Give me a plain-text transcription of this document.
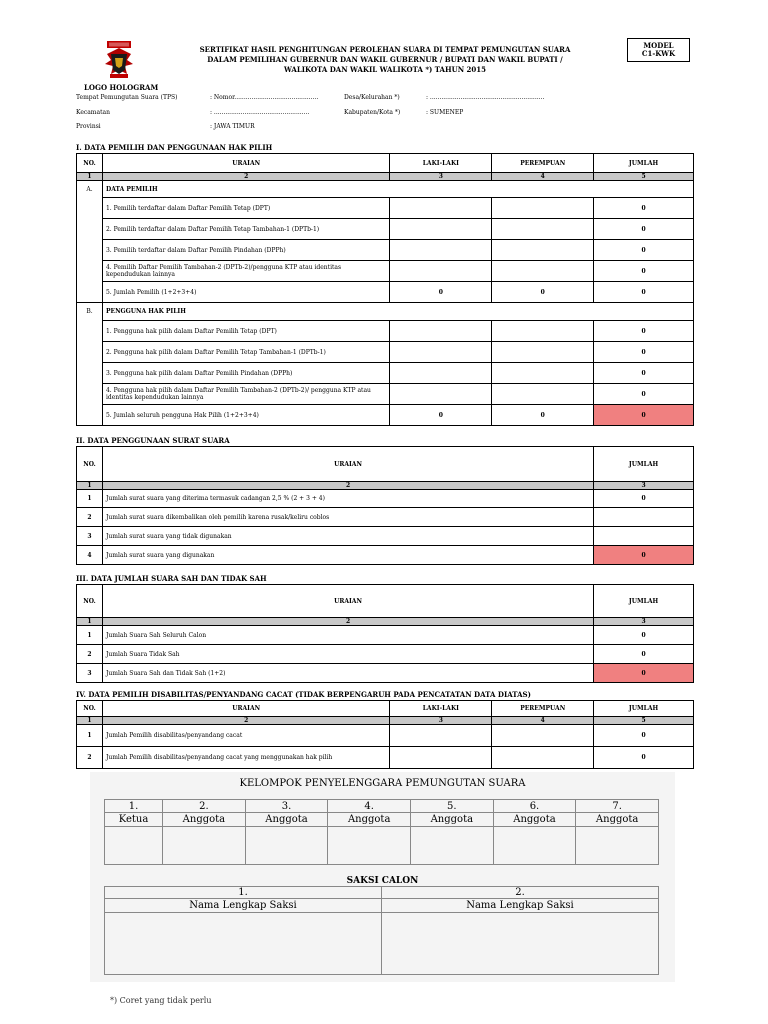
LOGO HOLOGRAM
SERTIFIKAT HASIL PENGHITUNGAN PEROLEHAN SUARA DI TEMPAT PEMUNGUTAN SUARA
DALAM PEMILIHAN GUBERNUR DAN WAKIL GUBERNUR / BUPATI DAN WAKIL BUPATI /
WALIKOTA DAN WAKIL WALIKOTA *) TAHUN 2015
MODEL
C1-KWK
Tempat Pemungutan Suara (TPS)	: Nomor............................................	Desa/Kelurahan *)	: ............................................................
Kecamatan	: ..................................................	Kabupaten/Kota *)	: SUMENEP
Provinsi	: JAWA TIMUR
I. DATA PEMILIH DAN PENGGUNAAN HAK PILIH
NO.	URAIAN	LAKI-LAKI	PEREMPUAN	JUMLAH
1	2	3	4	5
A.	DATA PEMILIH			
	1. Pemilih terdaftar dalam Daftar Pemilih Tetap (DPT)			0
	2. Pemilih terdaftar dalam Daftar Pemilih Tetap Tambahan-1 (DPTb-1)			0
	3. Pemilih terdaftar dalam Daftar Pemilih Pindahan (DPPh)			0
	4. Pemilih Daftar Pemilih Tambahan-2 (DPTb-2)/pengguna KTP atau identitas kependudukan lainnya			0
	5. Jumlah Pemilih (1+2+3+4)	0	0	0
B.	PENGGUNA HAK PILIH			
	1. Pengguna hak pilih dalam Daftar Pemilih Tetap (DPT)			0
	2. Pengguna hak pilih dalam Daftar Pemilih Tetap Tambahan-1 (DPTb-1)			0
	3. Pengguna hak pilih dalam Daftar Pemilih Pindahan (DPPh)			0
	4. Pengguna hak pilih dalam Daftar Pemilih Tambahan-2 (DPTb-2)/ pengguna KTP atau identitas kependudukan lainnya			0
	5. Jumlah seluruh pengguna Hak Pilih (1+2+3+4)	0	0	0
II. DATA PENGGUNAAN SURAT SUARA
NO.	URAIAN	JUMLAH
1	2	3
1	Jumlah surat suara yang diterima termasuk cadangan 2,5 % (2 + 3 + 4)	0
2	Jumlah surat suara dikembalikan oleh pemilih karena rusak/keliru coblos	
3	Jumlah surat suara yang tidak digunakan	
4	Jumlah surat suara yang digunakan	0
III. DATA JUMLAH SUARA SAH DAN TIDAK SAH
NO.	URAIAN	JUMLAH
1	2	3
1	Jumlah Suara Sah Seluruh Calon	0
2	Jumlah Suara Tidak Sah	0
3	Jumlah Suara Sah dan Tidak Sah (1+2)	0
IV. DATA PEMILIH DISABILITAS/PENYANDANG CACAT (TIDAK BERPENGARUH PADA PENCATATAN DATA DIATAS)
NO.	URAIAN	LAKI-LAKI	PEREMPUAN	JUMLAH
1	2	3	4	5
1	Jumlah Pemilih disabilitas/penyandang cacat			0
2	Jumlah Pemilih disabilitas/penyandang cacat yang menggunakan hak pilih			0
KELOMPOK PENYELENGGARA PEMUNGUTAN SUARA
1.	2.	3.	4.	5.	6.	7.
Ketua	Anggota	Anggota	Anggota	Anggota	Anggota	Anggota

SAKSI CALON
1.	2.
Nama Lengkap Saksi	Nama Lengkap Saksi

*) Coret yang tidak perlu
